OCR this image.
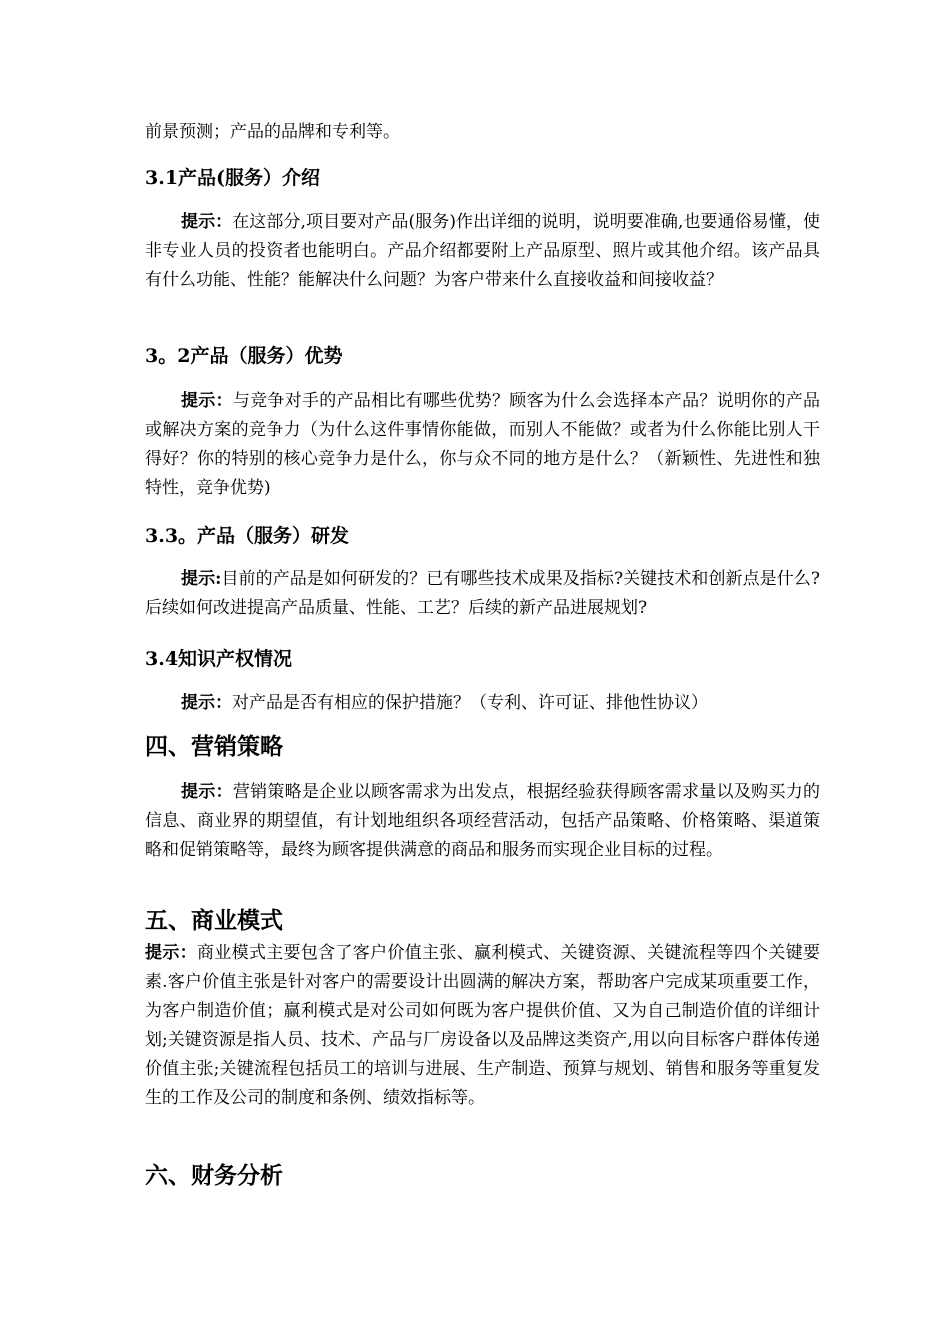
前景预测；产品的品牌和专利等。

3.1产品(服务）介绍

提示：在这部分,项目要对产品(服务)作出详细的说明，说明要准确,也要通俗易懂，使非专业人员的投资者也能明白。产品介绍都要附上产品原型、照片或其他介绍。该产品具有什么功能、性能？能解决什么问题？为客户带来什么直接收益和间接收益？

3。2产品（服务）优势

提示：与竞争对手的产品相比有哪些优势？顾客为什么会选择本产品？说明你的产品或解决方案的竞争力（为什么这件事情你能做，而别人不能做？或者为什么你能比别人干得好？你的特别的核心竞争力是什么，你与众不同的地方是什么？（新颖性、先进性和独特性，竞争优势)

3.3。产品（服务）研发

提示:目前的产品是如何研发的？已有哪些技术成果及指标?关键技术和创新点是什么?后续如何改进提高产品质量、性能、工艺？后续的新产品进展规划?

3.4知识产权情况

提示：对产品是否有相应的保护措施？（专利、许可证、排他性协议）

四、营销策略

提示：营销策略是企业以顾客需求为出发点，根据经验获得顾客需求量以及购买力的信息、商业界的期望值，有计划地组织各项经营活动，包括产品策略、价格策略、渠道策略和促销策略等，最终为顾客提供满意的商品和服务而实现企业目标的过程。

五、商业模式

提示：商业模式主要包含了客户价值主张、赢利模式、关键资源、关键流程等四个关键要素.客户价值主张是针对客户的需要设计出圆满的解决方案，帮助客户完成某项重要工作，为客户制造价值；赢利模式是对公司如何既为客户提供价值、又为自己制造价值的详细计划;关键资源是指人员、技术、产品与厂房设备以及品牌这类资产,用以向目标客户群体传递价值主张;关键流程包括员工的培训与进展、生产制造、预算与规划、销售和服务等重复发生的工作及公司的制度和条例、绩效指标等。

六、财务分析
